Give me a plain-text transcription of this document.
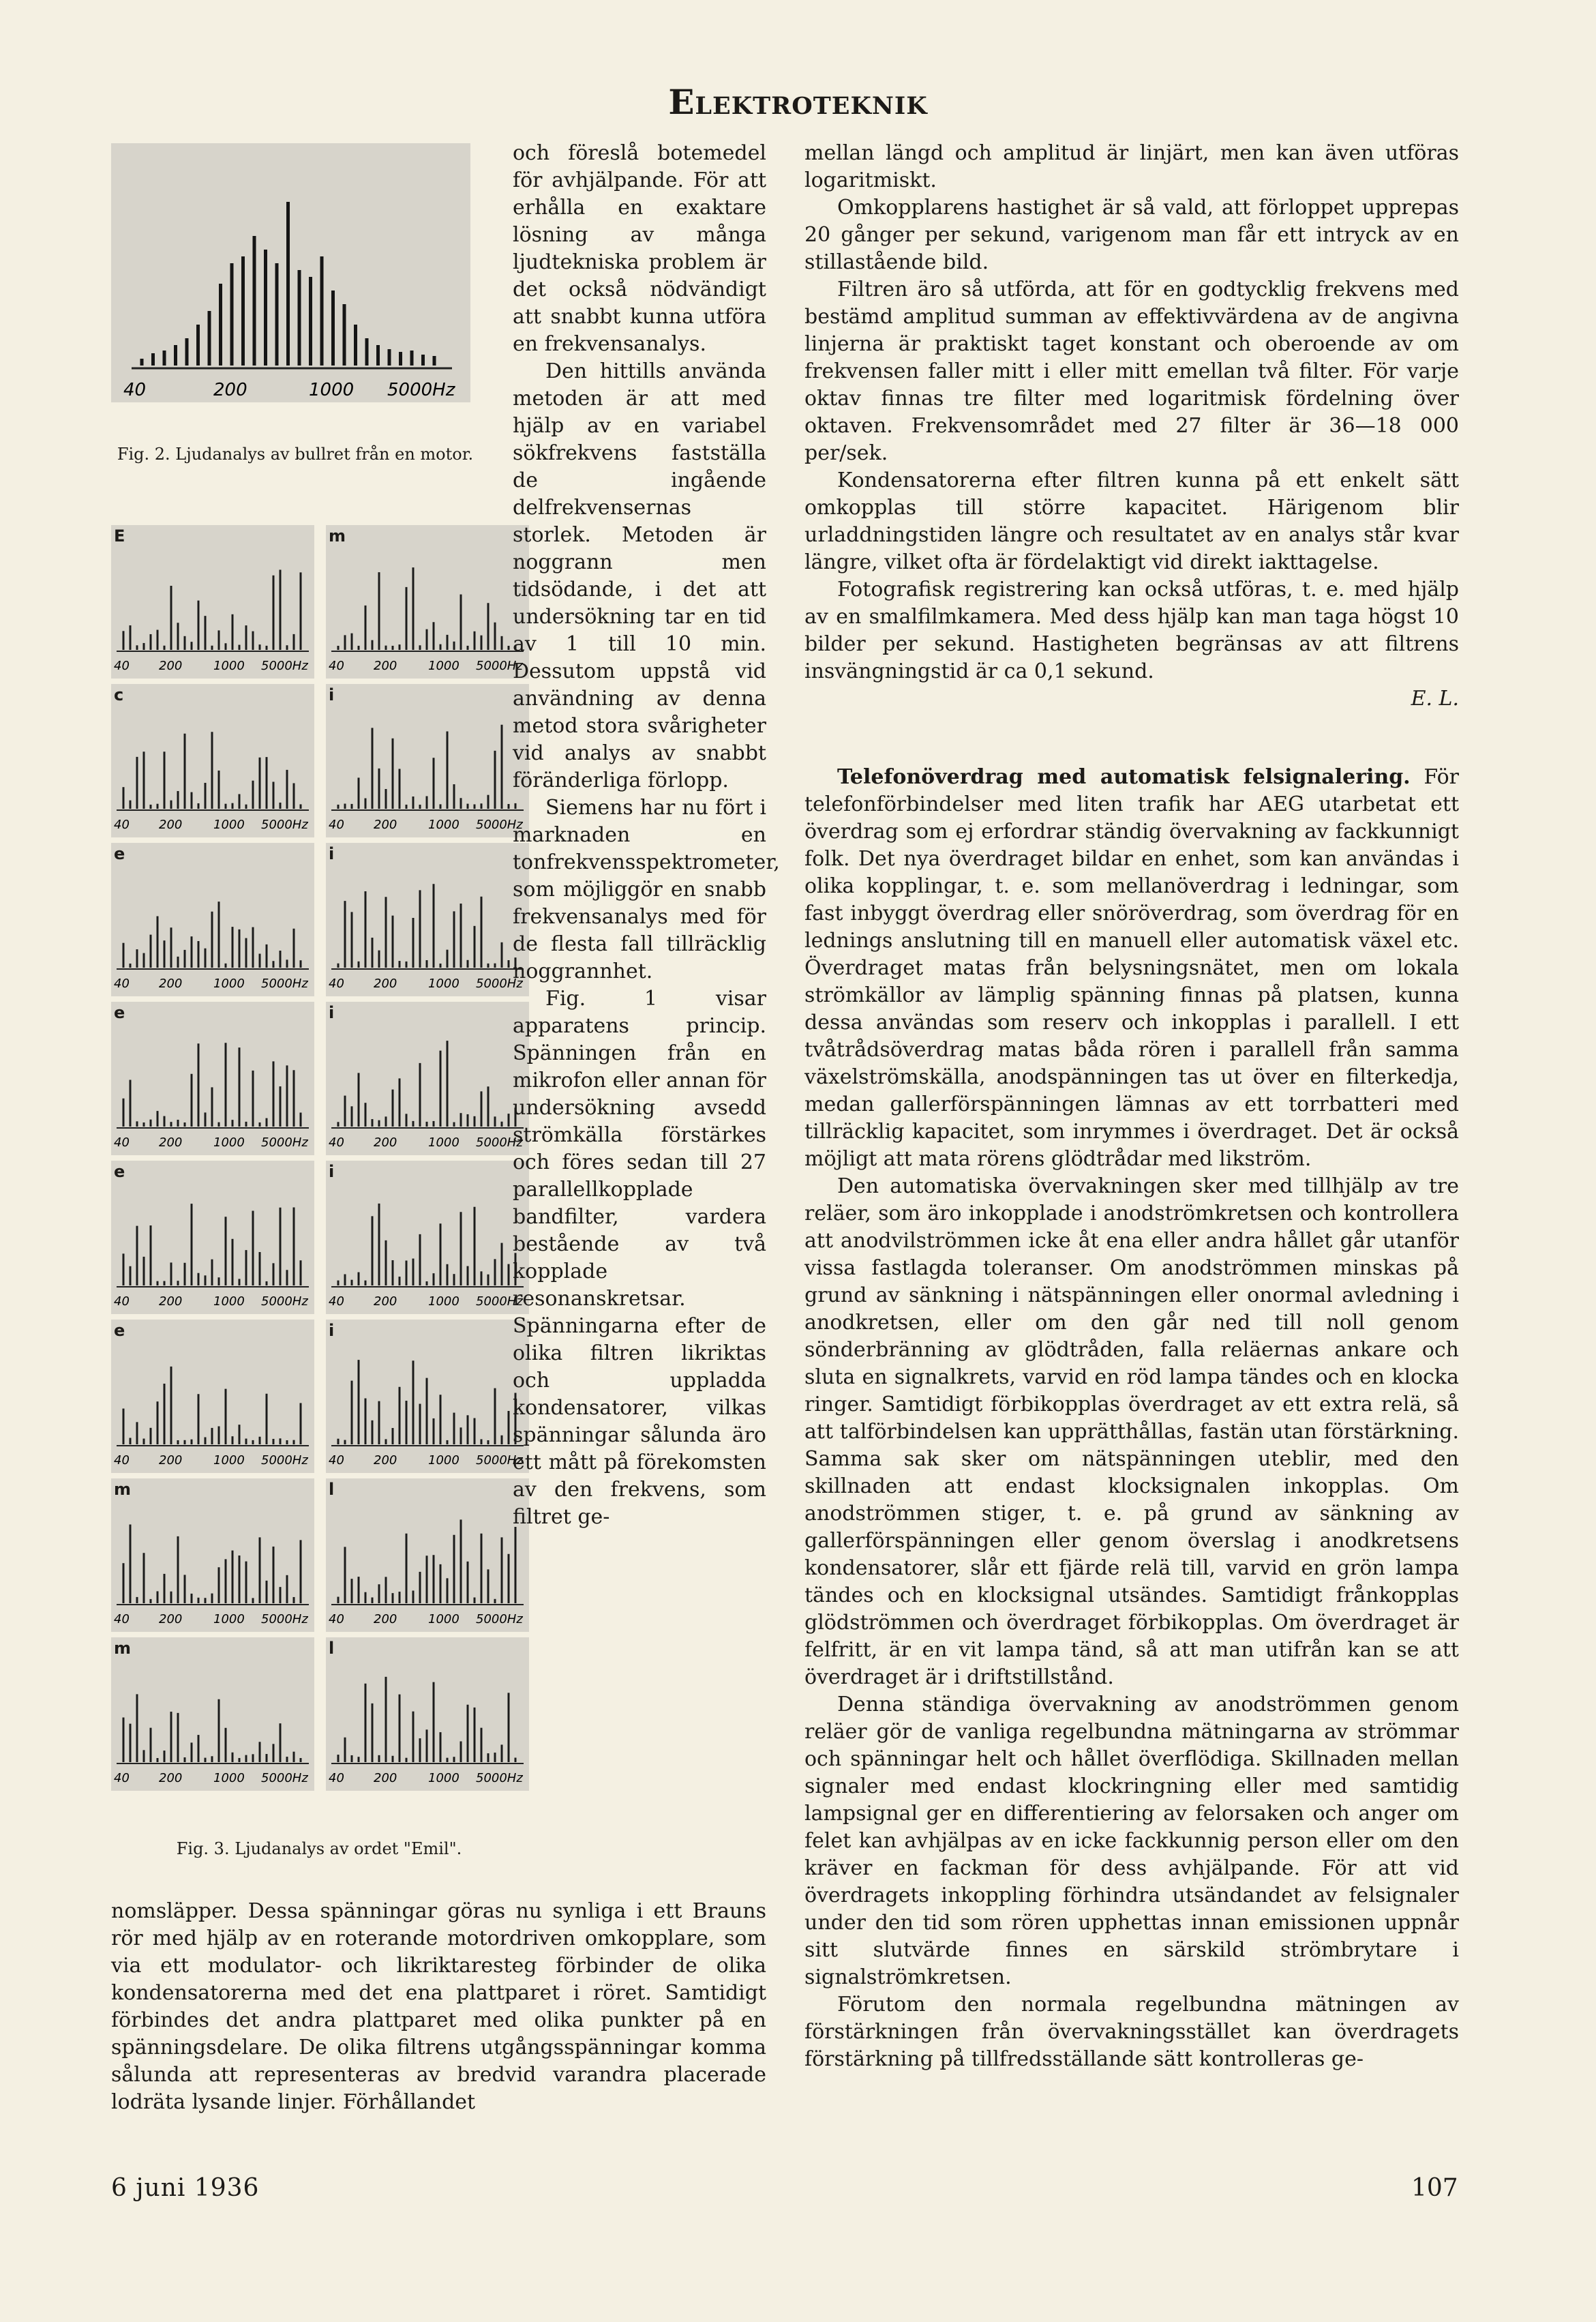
Elektroteknik
40	200	1000 5000Hz
Fig. 2. Ljudanalys av bullret från en motor.
E
40 200	1000 5000Hz
m
40 200	1000 5000Hz
c
40 200	1000 5000Hz
i
40 200	1000 5000Hz
e
40 200	1000 5000Hz
i
40 200	1000 5000Hz
e
40 200	1000 5000Hz
i
40 200	1000 5000Hz
e
40 200	1000 5000Hz
i
40 200	1000 5000Hz
e
40 200	1000 5000Hz
i
40 200	1000 5000Hz
m
40 200	1000 5000Hz
l
40 200	1000 5000Hz
m
40 200	1000 5000Hz
l
40 200	1000 5000Hz
Fig. 3. Ljudanalys av ordet "Emil".

och föreslå botemedel för avhjälpande. För att erhålla en exaktare lösning av många ljudtekniska problem är det också nödvändigt att snabbt kunna utföra en frekvensanalys.

Den hittills använda metoden är att med hjälp av en variabel sökfrekvens fastställa de ingående delfrekvensernas storlek. Metoden är noggrann men tidsödande, i det att undersökning tar en tid av 1 till 10 min. Dessutom uppstå vid användning av denna metod stora svårigheter vid analys av snabbt föränderliga förlopp.

Siemens har nu fört i marknaden en tonfrekvensspektrometer, som möjliggör en snabb frekvensanalys med för de flesta fall tillräcklig noggrannhet.

Fig. 1 visar apparatens princip. Spänningen från en mikrofon eller annan för undersökning avsedd strömkälla förstärkes och föres sedan till 27 parallellkopplade bandfilter, vardera bestående av två kopplade resonanskretsar. Spänningarna efter de olika filtren likriktas och uppladda kondensatorer, vilkas spänningar sålunda äro ett mått på förekomsten av den frekvens, som filtret ge-

nomsläpper. Dessa spänningar göras nu synliga i ett Brauns rör med hjälp av en roterande motordriven omkopplare, som via ett modulator- och likriktaresteg förbinder de olika kondensatorerna med det ena plattparet i röret. Samtidigt förbindes det andra plattparet med olika punkter på en spänningsdelare. De olika filtrens utgångsspänningar komma sålunda att representeras av bredvid varandra placerade lodräta lysande linjer. Förhållandet

mellan längd och amplitud är linjärt, men kan även utföras logaritmiskt.

Omkopplarens hastighet är så vald, att förloppet upprepas 20 gånger per sekund, varigenom man får ett intryck av en stillastående bild.

Filtren äro så utförda, att för en godtycklig frekvens med bestämd amplitud summan av effektivvärdena av de angivna linjerna är praktiskt taget konstant och oberoende av om frekvensen faller mitt i eller mitt emellan två filter. För varje oktav finnas tre filter med logaritmisk fördelning över oktaven. Frekvensområdet med 27 filter är 36—18 000 per/sek.

Kondensatorerna efter filtren kunna på ett enkelt sätt omkopplas till större kapacitet. Härigenom blir urladdningstiden längre och resultatet av en analys står kvar längre, vilket ofta är fördelaktigt vid direkt iakttagelse.

Fotografisk registrering kan också utföras, t. e. med hjälp av en smalfilmkamera. Med dess hjälp kan man taga högst 10 bilder per sekund. Hastigheten begränsas av att filtrens insvängningstid är ca 0,1 sekund.

E. L.

Telefonöverdrag med automatisk felsignalering. För telefonförbindelser med liten trafik har AEG utarbetat ett överdrag som ej erfordrar ständig övervakning av fackkunnigt folk. Det nya överdraget bildar en enhet, som kan användas i olika kopplingar, t. e. som mellanöverdrag i ledningar, som fast inbyggt överdrag eller snöröverdrag, som överdrag för en lednings anslutning till en manuell eller automatisk växel etc. Överdraget matas från belysningsnätet, men om lokala strömkällor av lämplig spänning finnas på platsen, kunna dessa användas som reserv och inkopplas i parallell. I ett tvåtrådsöverdrag matas båda rören i parallell från samma växelströmskälla, anodspänningen tas ut över en filterkedja, medan gallerförspänningen lämnas av ett torrbatteri med tillräcklig kapacitet, som inrymmes i överdraget. Det är också möjligt att mata rörens glödtrådar med likström.

Den automatiska övervakningen sker med tillhjälp av tre reläer, som äro inkopplade i anodströmkretsen och kontrollera att anodvilströmmen icke åt ena eller andra hållet går utanför vissa fastlagda toleranser. Om anodströmmen minskas på grund av sänkning i nätspänningen eller onormal avledning i anodkretsen, eller om den går ned till noll genom sönderbränning av glödtråden, falla reläernas ankare och sluta en signalkrets, varvid en röd lampa tändes och en klocka ringer. Samtidigt förbikopplas överdraget av ett extra relä, så att talförbindelsen kan upprätthållas, fastän utan förstärkning. Samma sak sker om nätspänningen uteblir, med den skillnaden att endast klocksignalen inkopplas. Om anodströmmen stiger, t. e. på grund av sänkning av gallerförspänningen eller genom överslag i anodkretsens kondensatorer, slår ett fjärde relä till, varvid en grön lampa tändes och en klocksignal utsändes. Samtidigt frånkopplas glödströmmen och överdraget förbikopplas. Om överdraget är felfritt, är en vit lampa tänd, så att man utifrån kan se att överdraget är i driftstillstånd.

Denna ständiga övervakning av anodströmmen genom reläer gör de vanliga regelbundna mätningarna av strömmar och spänningar helt och hållet överflödiga. Skillnaden mellan signaler med endast klockringning eller med samtidig lampsignal ger en differentiering av felorsaken och anger om felet kan avhjälpas av en icke fackkunnig person eller om den kräver en fackman för dess avhjälpande. För att vid överdragets inkoppling förhindra utsändandet av felsignaler under den tid som rören upphettas innan emissionen uppnår sitt slutvärde finnes en särskild strömbrytare i signalströmkretsen.

Förutom den normala regelbundna mätningen av förstärkningen från övervakningsstället kan överdragets förstärkning på tillfredsställande sätt kontrolleras ge-

6 juni 1936	107
